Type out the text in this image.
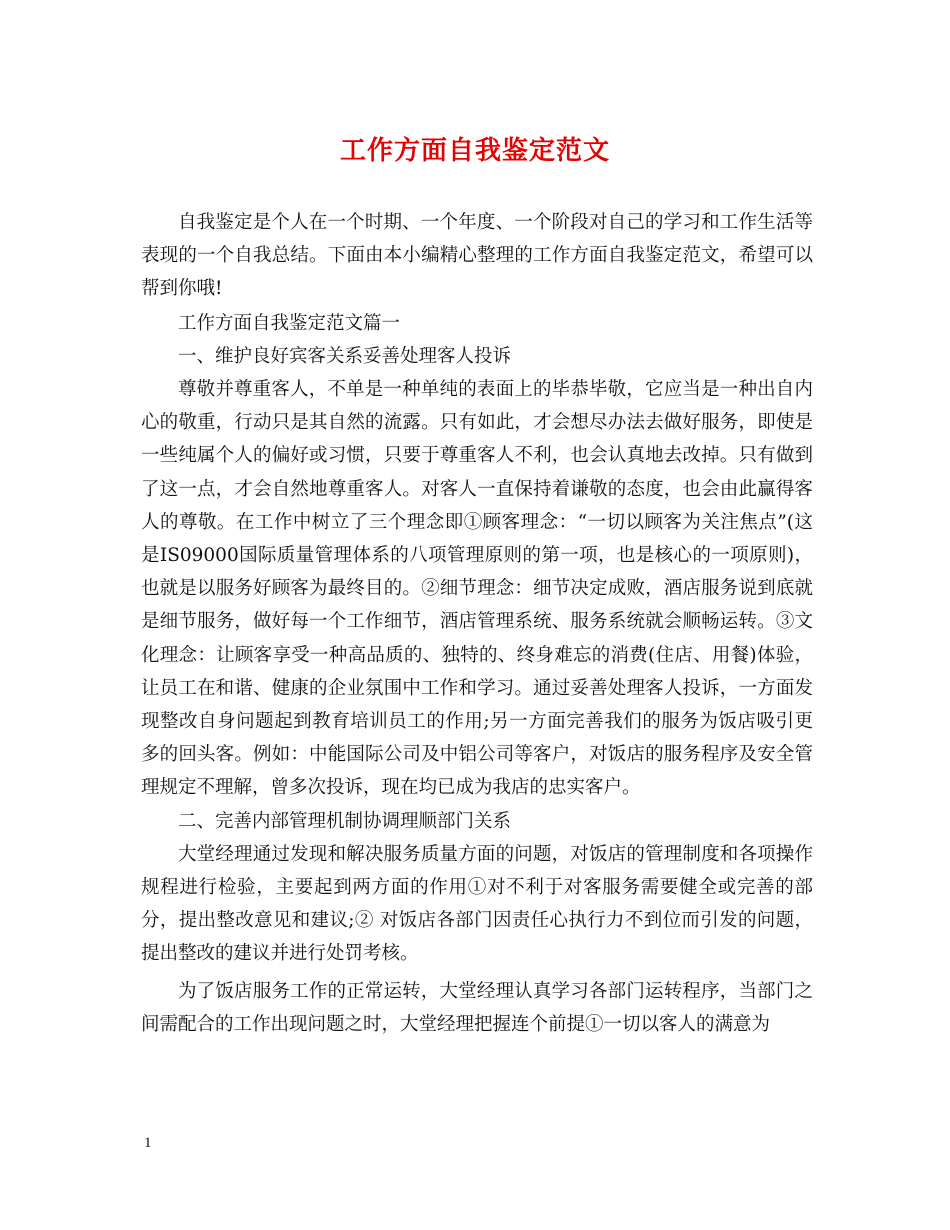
工作方面自我鉴定范文

自我鉴定是个人在一个时期、一个年度、一个阶段对自己的学习和工作生活等表现的一个自我总结。下面由本小编精心整理的工作方面自我鉴定范文，希望可以帮到你哦!

工作方面自我鉴定范文篇一

一、维护良好宾客关系妥善处理客人投诉

尊敬并尊重客人，不单是一种单纯的表面上的毕恭毕敬，它应当是一种出自内心的敬重，行动只是其自然的流露。只有如此，才会想尽办法去做好服务，即使是一些纯属个人的偏好或习惯，只要于尊重客人不利，也会认真地去改掉。只有做到了这一点，才会自然地尊重客人。对客人一直保持着谦敬的态度，也会由此赢得客人的尊敬。在工作中树立了三个理念即①顾客理念：“一切以顾客为关注焦点”(这是IS09000国际质量管理体系的八项管理原则的第一项，也是核心的一项原则)，也就是以服务好顾客为最终目的。②细节理念：细节决定成败，酒店服务说到底就是细节服务，做好每一个工作细节，酒店管理系统、服务系统就会顺畅运转。③文化理念：让顾客享受一种高品质的、独特的、终身难忘的消费(住店、用餐)体验，让员工在和谐、健康的企业氛围中工作和学习。通过妥善处理客人投诉，一方面发现整改自身问题起到教育培训员工的作用;另一方面完善我们的服务为饭店吸引更多的回头客。例如：中能国际公司及中铝公司等客户，对饭店的服务程序及安全管理规定不理解，曾多次投诉，现在均已成为我店的忠实客户。

二、完善内部管理机制协调理顺部门关系

大堂经理通过发现和解决服务质量方面的问题，对饭店的管理制度和各项操作规程进行检验，主要起到两方面的作用①对不利于对客服务需要健全或完善的部分，提出整改意见和建议;② 对饭店各部门因责任心执行力不到位而引发的问题，提出整改的建议并进行处罚考核。

为了饭店服务工作的正常运转，大堂经理认真学习各部门运转程序，当部门之间需配合的工作出现问题之时，大堂经理把握连个前提①一切以客人的满意为

1
